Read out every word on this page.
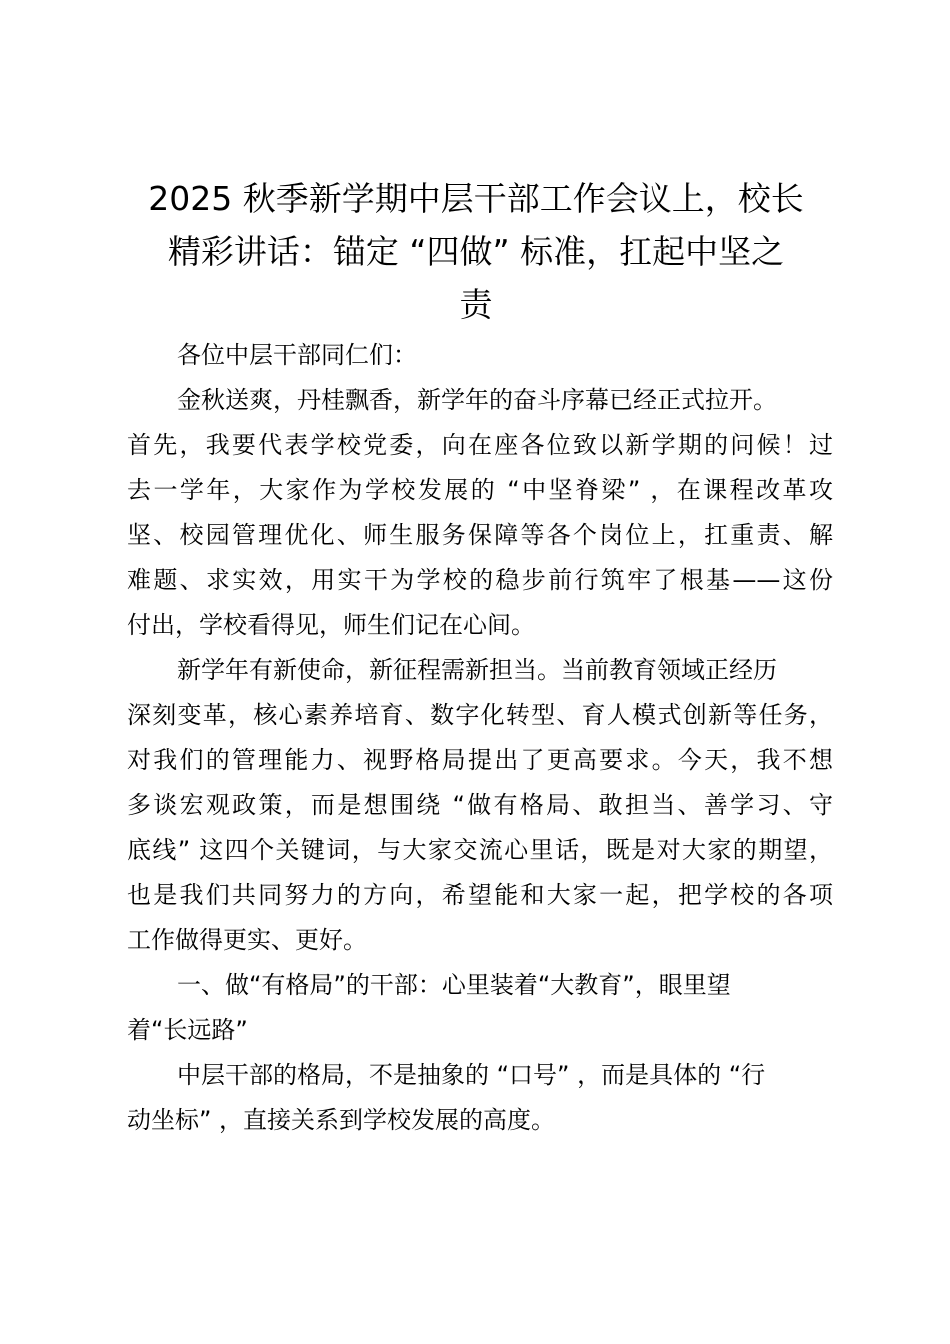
2025 秋季新学期中层干部工作会议上，校长
精彩讲话：锚定 “四做” 标准，扛起中坚之
责

各位中层干部同仁们：

金秋送爽，丹桂飘香，新学年的奋斗序幕已经正式拉开。

首先，我要代表学校党委，向在座各位致以新学期的问候！过

去一学年，大家作为学校发展的 “中坚脊梁” ，在课程改革攻

坚、校园管理优化、师生服务保障等各个岗位上，扛重责、解

难题、求实效，用实干为学校的稳步前行筑牢了根基——这份

付出，学校看得见，师生们记在心间。

新学年有新使命，新征程需新担当。当前教育领域正经历

深刻变革，核心素养培育、数字化转型、育人模式创新等任务，

对我们的管理能力、视野格局提出了更高要求。今天，我不想

多谈宏观政策，而是想围绕 “做有格局、敢担当、善学习、守

底线” 这四个关键词，与大家交流心里话，既是对大家的期望，

也是我们共同努力的方向，希望能和大家一起，把学校的各项

工作做得更实、更好。

一、做“有格局”的干部：心里装着“大教育”，眼里望

着“长远路”

中层干部的格局，不是抽象的 “口号” ，而是具体的 “行

动坐标” ，直接关系到学校发展的高度。
